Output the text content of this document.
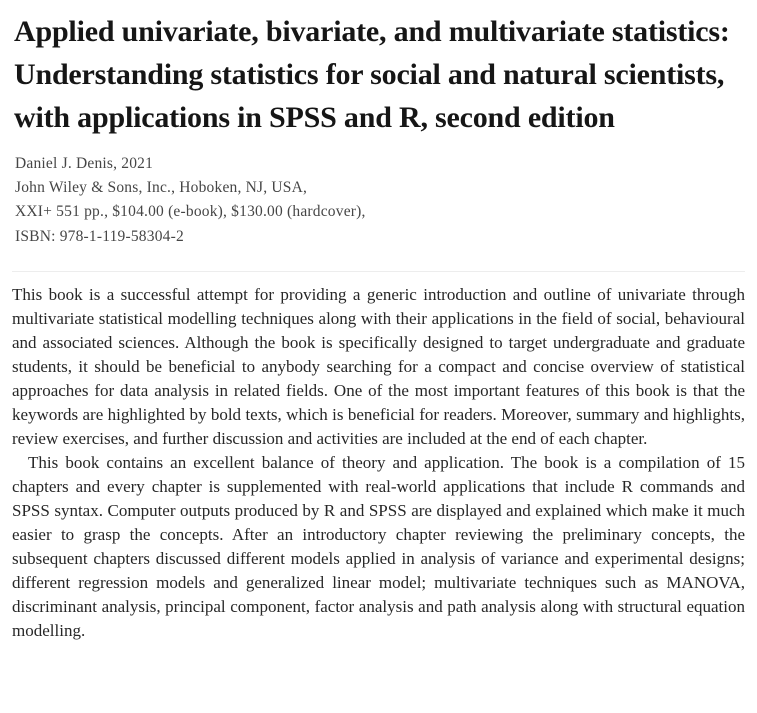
Applied univariate, bivariate, and multivariate statistics: Understanding statistics for social and natural scientists, with applications in SPSS and R, second edition
Daniel J. Denis, 2021
John Wiley & Sons, Inc., Hoboken, NJ, USA,
XXI+ 551 pp., $104.00 (e-book), $130.00 (hardcover),
ISBN: 978-1-119-58304-2

This book is a successful attempt for providing a generic introduction and outline of univariate through multivariate statistical modelling techniques along with their applications in the field of social, behavioural and associated sciences. Although the book is specifically designed to target undergraduate and graduate students, it should be beneficial to anybody searching for a compact and concise overview of statistical approaches for data analysis in related fields. One of the most important features of this book is that the keywords are highlighted by bold texts, which is beneficial for readers. Moreover, summary and highlights, review exercises, and further discussion and activities are included at the end of each chapter.

This book contains an excellent balance of theory and application. The book is a compilation of 15 chapters and every chapter is supplemented with real-world applications that include R commands and SPSS syntax. Computer outputs produced by R and SPSS are displayed and explained which make it much easier to grasp the concepts. After an introductory chapter reviewing the preliminary concepts, the subsequent chapters discussed different models applied in analysis of variance and experimental designs; different regression models and generalized linear model; multivariate techniques such as MANOVA, discriminant analysis, principal component, factor analysis and path analysis along with structural equation modelling.
